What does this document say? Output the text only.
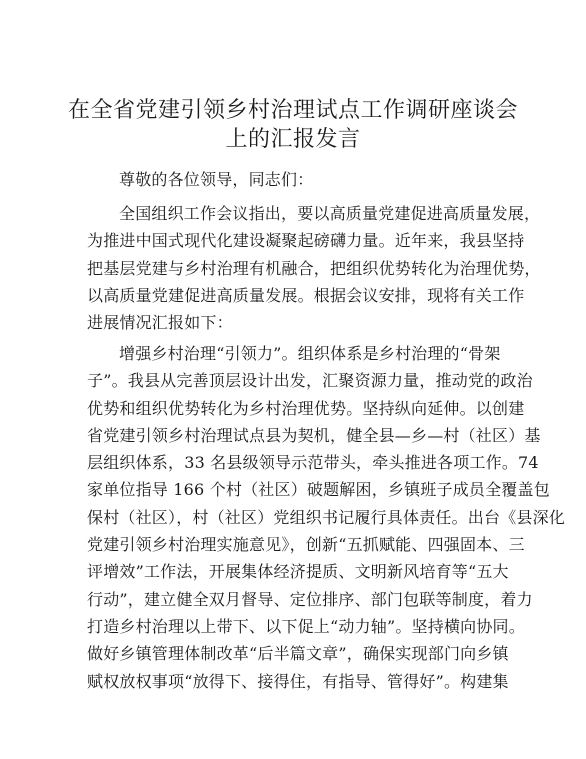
在全省党建引领乡村治理试点工作调研座谈会
上的汇报发言

尊敬的各位领导，同志们：

全国组织工作会议指出，要以高质量党建促进高质量发展，
为推进中国式现代化建设凝聚起磅礴力量。近年来，我县坚持
把基层党建与乡村治理有机融合，把组织优势转化为治理优势，
以高质量党建促进高质量发展。根据会议安排，现将有关工作
进展情况汇报如下：

增强乡村治理“引领力”。组织体系是乡村治理的“骨架
子”。我县从完善顶层设计出发，汇聚资源力量，推动党的政治
优势和组织优势转化为乡村治理优势。坚持纵向延伸。以创建
省党建引领乡村治理试点县为契机，健全县—乡—村（社区）基
层组织体系，33 名县级领导示范带头，牵头推进各项工作。74
家单位指导 166 个村（社区）破题解困，乡镇班子成员全覆盖包
保村（社区），村（社区）党组织书记履行具体责任。出台《县深化
党建引领乡村治理实施意见》，创新“五抓赋能、四强固本、三
评增效”工作法，开展集体经济提质、文明新风培育等“五大
行动”，建立健全双月督导、定位排序、部门包联等制度，着力
打造乡村治理以上带下、以下促上“动力轴”。坚持横向协同。
做好乡镇管理体制改革“后半篇文章”，确保实现部门向乡镇
赋权放权事项“放得下、接得住，有指导、管得好”。构建集
